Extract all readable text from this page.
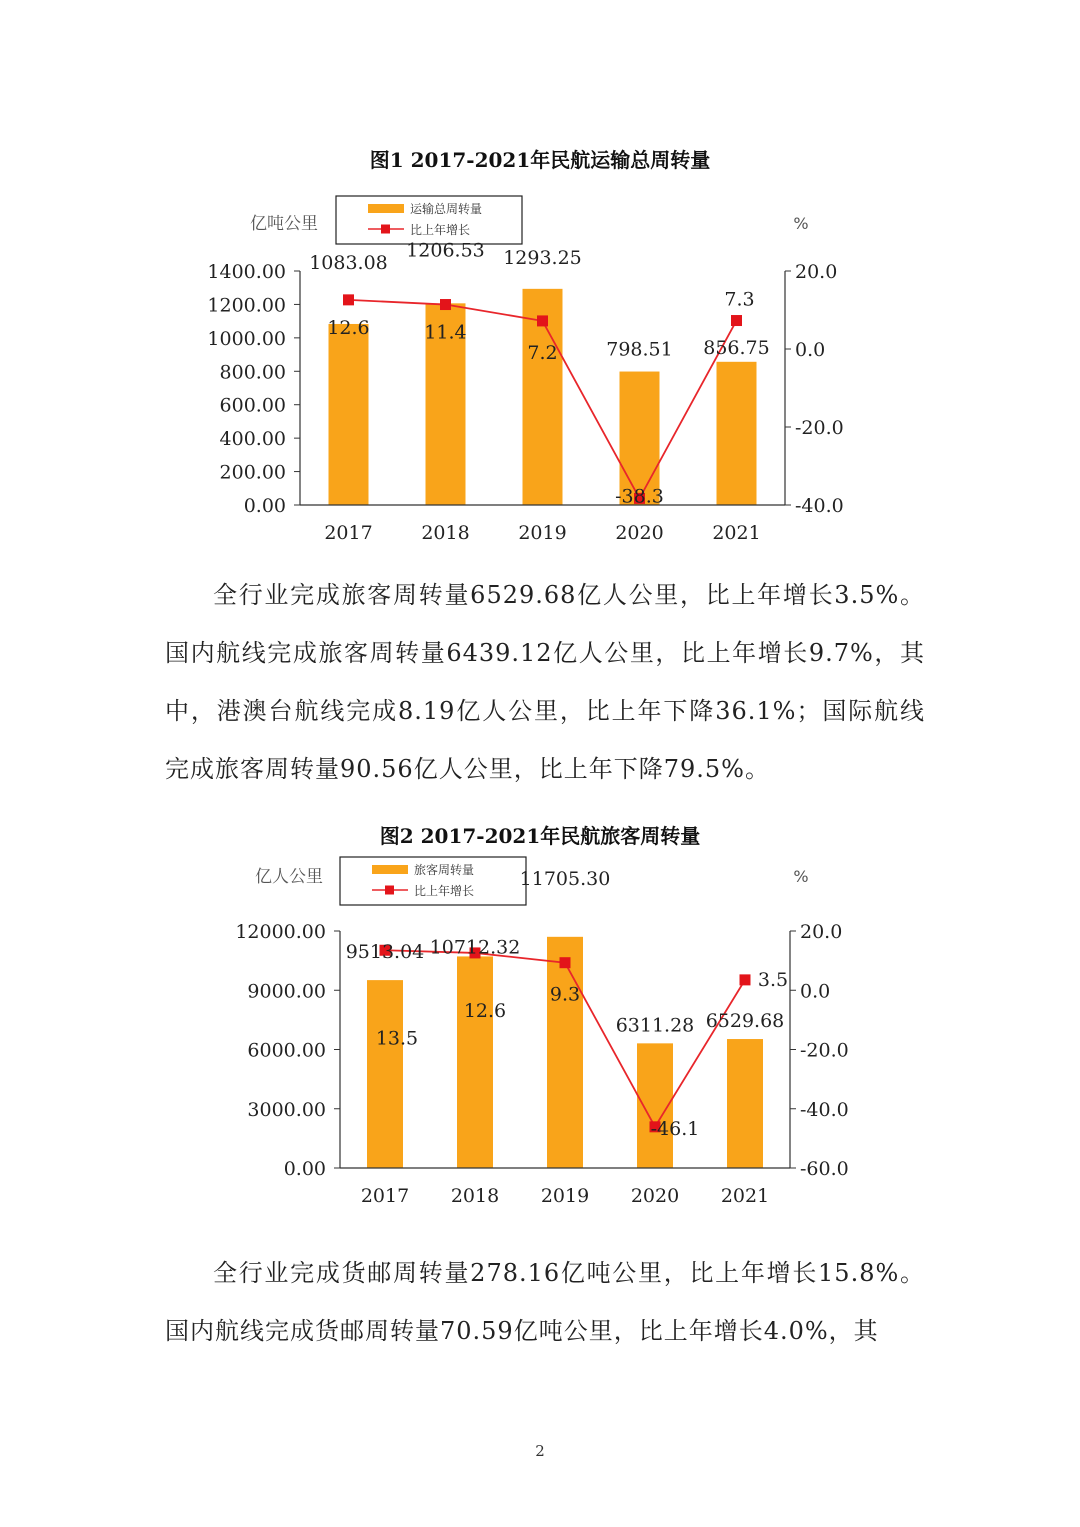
图1 2017-2021年民航运输总周转量
亿吨公里	%
运输总周转量
比上年增长
0.00
200.00
400.00
600.00
800.00
1000.00
1200.00
1400.00
-40.0
-20.0
0.0
20.0
2017	2018	2019	2020	2021
1083.08
1206.53 1293.25
798.51 856.75
12.6	11.4
7.2
-38.3
7.3

全行业完成旅客周转量6529.68亿人公里，比上年增长3.5%。国内航线完成旅客周转量6439.12亿人公里，比上年增长9.7%，其中，港澳台航线完成8.19亿人公里，比上年下降36.1%；国际航线完成旅客周转量90.56亿人公里，比上年下降79.5%。

图2 2017-2021年民航旅客周转量
亿人公里	%
旅客周转量
比上年增长
0.00
3000.00
6000.00
9000.00
12000.00
-60.0
-40.0
-20.0
0.0
20.0
2017 2018 2019 2020 2021
9513.04 10712.32
11705.30
6311.28 6529.68
13.5
12.6
9.3
-46.1
3.5

全行业完成货邮周转量278.16亿吨公里，比上年增长15.8%。国内航线完成货邮周转量70.59亿吨公里，比上年增长4.0%，其

2
